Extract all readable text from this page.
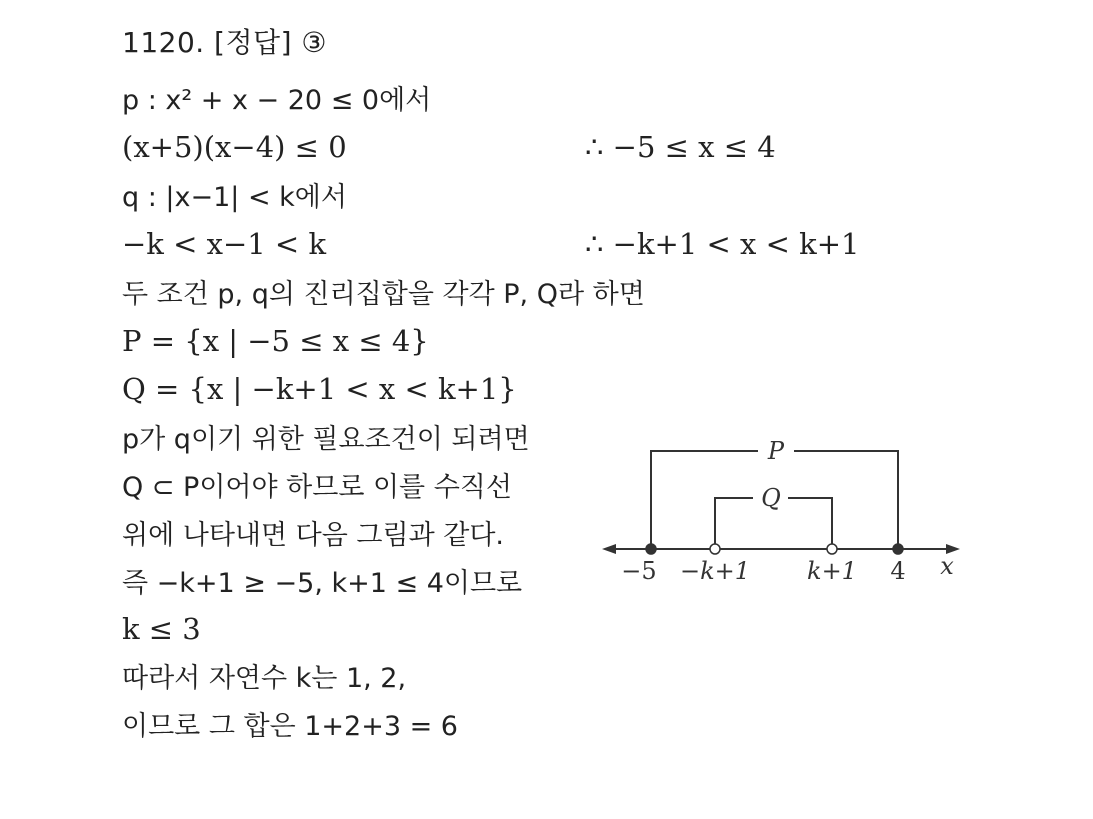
1120. [정답] ③
p : x² + x − 20 ≤ 0에서
(x+5)(x−4) ≤ 0	∴ −5 ≤ x ≤ 4
q : |x−1| < k에서
−k < x−1 < k	∴ −k+1 < x < k+1
두 조건 p, q의 진리집합을 각각 P, Q라 하면
P = {x | −5 ≤ x ≤ 4}
Q = {x | −k+1 < x < k+1}
p가 q이기 위한 필요조건이 되려면
Q ⊂ P이어야 하므로 이를 수직선
위에 나타내면 다음 그림과 같다.
즉 −k+1 ≥ −5, k+1 ≤ 4이므로
k ≤ 3
따라서 자연수 k는 1, 2,
이므로 그 합은 1+2+3 = 6
P
Q
−5 −k+1 k+1 4 x
